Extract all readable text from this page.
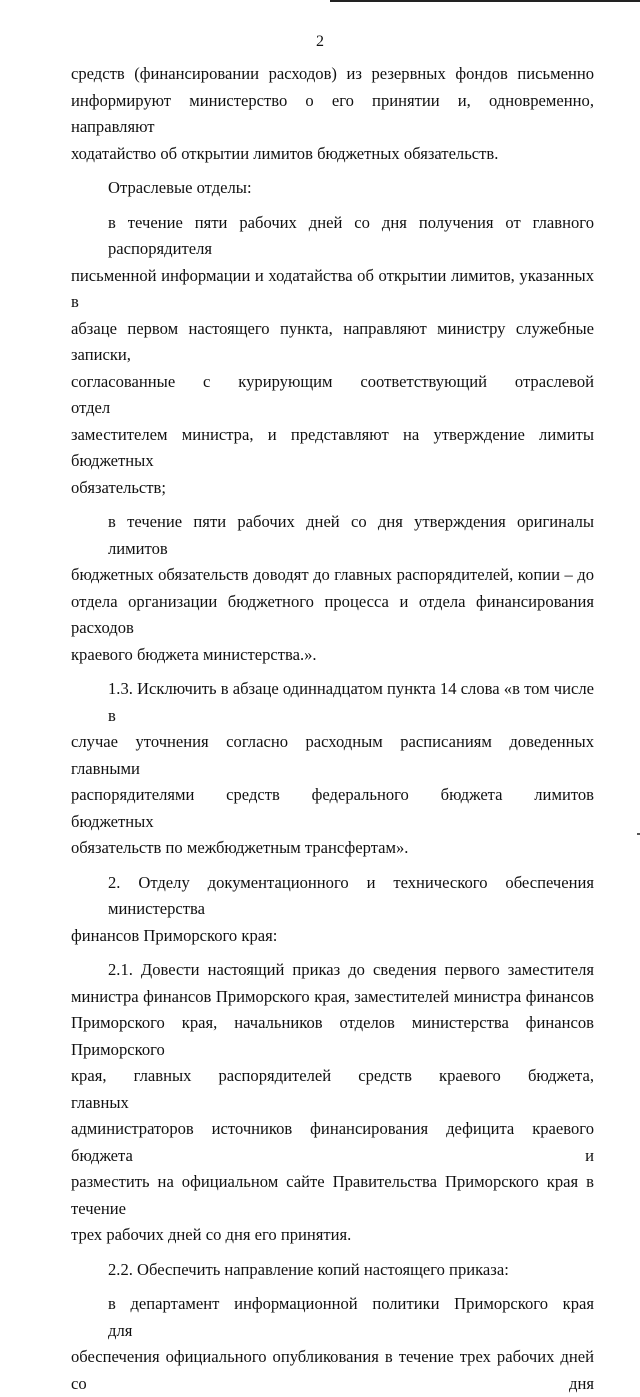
2
средств (финансировании расходов) из резервных фондов письменно
информируют министерство о его принятии и, одновременно, направляют
ходатайство об открытии лимитов бюджетных обязательств.
Отраслевые отделы:
в течение пяти рабочих дней со дня получения от главного распорядителя
письменной информации и ходатайства об открытии лимитов, указанных в
абзаце первом настоящего пункта, направляют министру служебные записки,
согласованные с курирующим соответствующий отраслевой отдел
заместителем министра, и представляют на утверждение лимиты бюджетных
обязательств;
в течение пяти рабочих дней со дня утверждения оригиналы лимитов
бюджетных обязательств доводят до главных распорядителей, копии – до
отдела организации бюджетного процесса и отдела финансирования расходов
краевого бюджета министерства.».
1.3. Исключить в абзаце одиннадцатом пункта 14 слова «в том числе в
случае уточнения согласно расходным расписаниям доведенных главными
распорядителями средств федерального бюджета лимитов бюджетных
обязательств по межбюджетным трансфертам».
2. Отделу документационного и технического обеспечения министерства
финансов Приморского края:
2.1. Довести настоящий приказ до сведения первого заместителя
министра финансов Приморского края, заместителей министра финансов
Приморского края, начальников отделов министерства финансов Приморского
края, главных распорядителей средств краевого бюджета, главных
администраторов источников финансирования дефицита краевого бюджета и
разместить на официальном сайте Правительства Приморского края в течение
трех рабочих дней со дня его принятия.
2.2. Обеспечить направление копий настоящего приказа:
в департамент информационной политики Приморского края для
обеспечения официального опубликования в течение трех рабочих дней со дня
